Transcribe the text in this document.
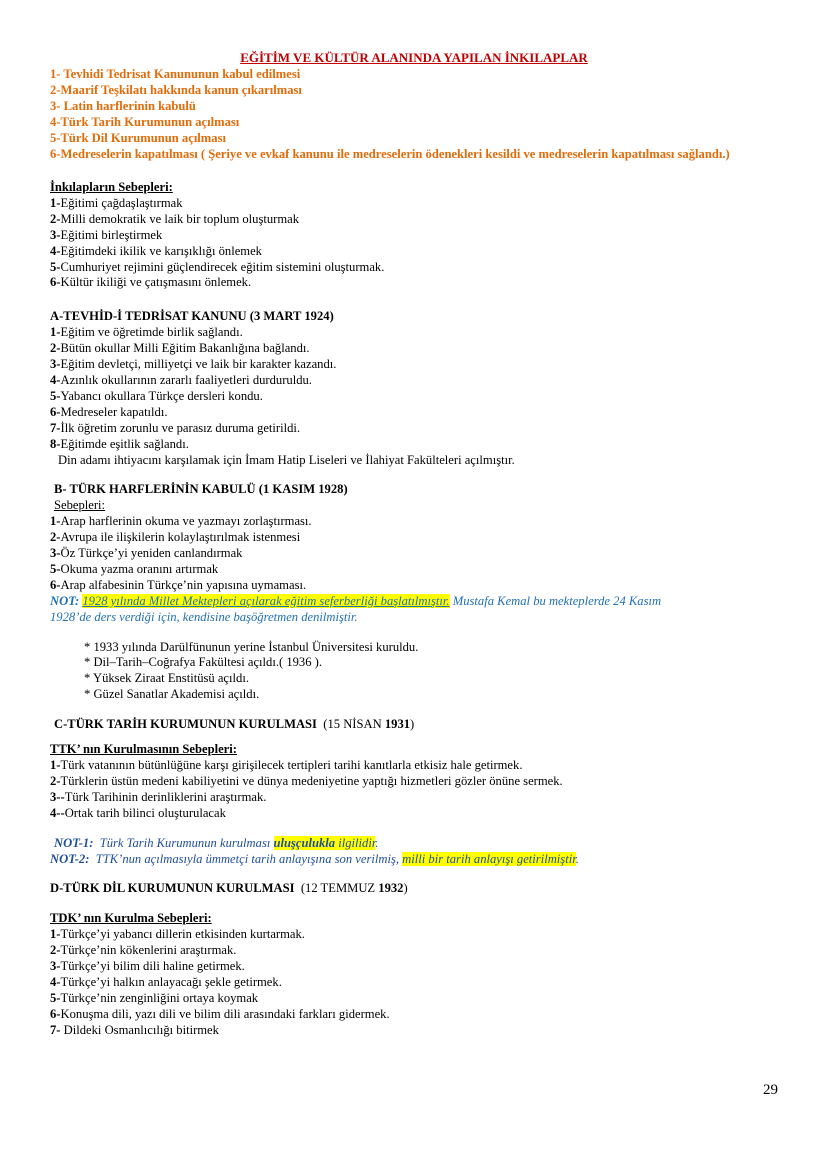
EĞİTİM VE KÜLTÜR ALANINDA YAPILAN İNKILAPLAR
1- Tevhidi Tedrisat Kanununun kabul edilmesi
2-Maarif Teşkilatı hakkında kanun çıkarılması
3- Latin harflerinin kabulü
4-Türk Tarih Kurumunun açılması
5-Türk Dil Kurumunun açılması
6-Medreselerin kapatılması ( Şeriye ve evkaf kanunu ile medreselerin ödenekleri kesildi ve medreselerin kapatılması sağlandı.)
İnkılapların Sebepleri:
1-Eğitimi çağdaşlaştırmak
2-Milli demokratik ve laik bir toplum oluşturmak
3-Eğitimi birleştirmek
4-Eğitimdeki ikilik ve karışıklığı önlemek
5-Cumhuriyet rejimini güçlendirecek eğitim sistemini oluşturmak.
6-Kültür ikiliği ve çatışmasını önlemek.
A-TEVHİD-İ TEDRİSAT KANUNU (3 MART 1924)
1-Eğitim ve öğretimde birlik sağlandı.
2-Bütün okullar Milli Eğitim Bakanlığına bağlandı.
3-Eğitim devletçi, milliyetçi ve laik bir karakter kazandı.
4-Azınlık okullarının zararlı faaliyetleri durduruldu.
5-Yabancı okullara Türkçe dersleri kondu.
6-Medreseler kapatıldı.
7-İlk öğretim zorunlu ve parasız duruma getirildi.
8-Eğitimde eşitlik sağlandı.
Din adamı ihtiyacını karşılamak için İmam Hatip Liseleri ve İlahiyat Fakülteleri açılmıştır.
B- TÜRK HARFLERİNİN KABULÜ (1 KASIM 1928)
Sebepleri:
1-Arap harflerinin okuma ve yazmayı zorlaştırması.
2-Avrupa ile ilişkilerin kolaylaştırılmak istenmesi
3-Öz Türkçe’yi yeniden canlandırmak
5-Okuma yazma oranını artırmak
6-Arap alfabesinin Türkçe’nin yapısına uymaması.
NOT: 1928 yılında Millet Mektepleri açılarak eğitim seferberliği başlatılmıştır. Mustafa Kemal bu mekteplerde 24 Kasım
1928’de ders verdiği için, kendisine başöğretmen denilmiştir.
* 1933 yılında Darülfünunun yerine İstanbul Üniversitesi kuruldu.
* Dil–Tarih–Coğrafya Fakültesi açıldı.( 1936 ).
* Yüksek Ziraat Enstitüsü açıldı.
* Güzel Sanatlar Akademisi açıldı.
C-TÜRK TARİH KURUMUNUN KURULMASI (15 NİSAN 1931)
TTK’ nın Kurulmasının Sebepleri:
1-Türk vatanının bütünlüğüne karşı girişilecek tertipleri tarihi kanıtlarla etkisiz hale getirmek.
2-Türklerin üstün medeni kabiliyetini ve dünya medeniyetine yaptığı hizmetleri gözler önüne sermek.
3--Türk Tarihinin derinliklerini araştırmak.
4--Ortak tarih bilinci oluşturulacak
NOT-1: Türk Tarih Kurumunun kurulması uluşçulukla ilgilidir.
NOT-2: TTK’nun açılmasıyla ümmetçi tarih anlayışına son verilmiş, milli bir tarih anlayışı getirilmiştir.
D-TÜRK DİL KURUMUNUN KURULMASI (12 TEMMUZ 1932)
TDK’ nın Kurulma Sebepleri:
1-Türkçe’yi yabancı dillerin etkisinden kurtarmak.
2-Türkçe’nin kökenlerini araştırmak.
3-Türkçe’yi bilim dili haline getirmek.
4-Türkçe’yi halkın anlayacağı şekle getirmek.
5-Türkçe’nin zenginliğini ortaya koymak
6-Konuşma dili, yazı dili ve bilim dili arasındaki farkları gidermek.
7- Dildeki Osmanlıcılığı bitirmek
29
